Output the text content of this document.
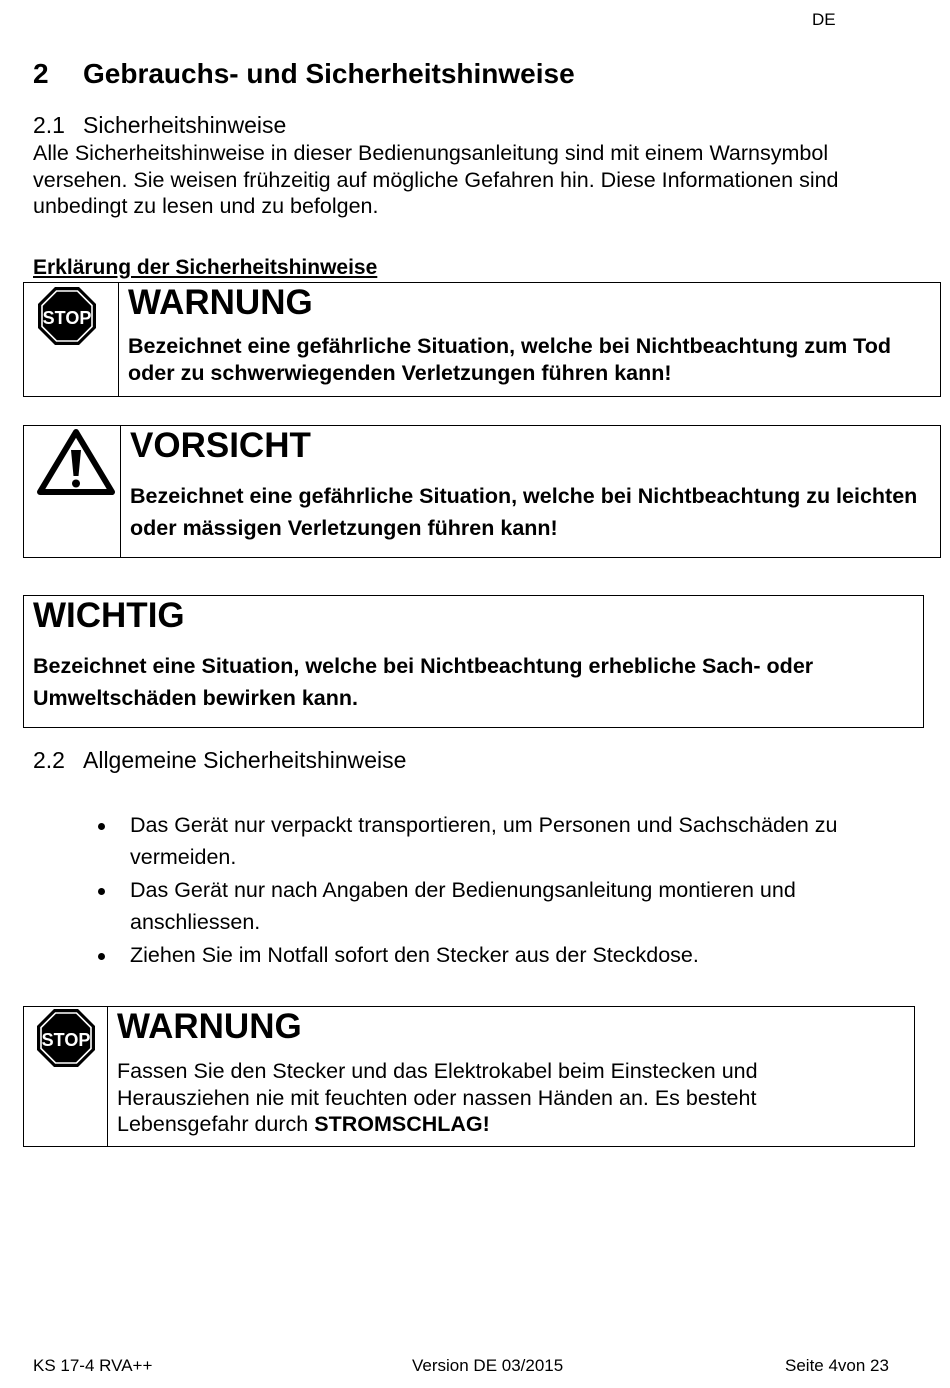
DE
2 Gebrauchs- und Sicherheitshinweise
2.1 Sicherheitshinweise
Alle Sicherheitshinweise in dieser Bedienungsanleitung sind mit einem Warnsymbol versehen. Sie weisen frühzeitig auf mögliche Gefahren hin. Diese Informationen sind unbedingt zu lesen und zu befolgen.
Erklärung der Sicherheitshinweise
STOP WARNUNG
Bezeichnet eine gefährliche Situation, welche bei Nichtbeachtung zum Tod oder zu schwerwiegenden Verletzungen führen kann!
VORSICHT
Bezeichnet eine gefährliche Situation, welche bei Nichtbeachtung zu leichten oder mässigen Verletzungen führen kann!
WICHTIG
Bezeichnet eine Situation, welche bei Nichtbeachtung erhebliche Sach- oder Umweltschäden bewirken kann.
2.2 Allgemeine Sicherheitshinweise
Das Gerät nur verpackt transportieren, um Personen und Sachschäden zu vermeiden.
Das Gerät nur nach Angaben der Bedienungsanleitung montieren und anschliessen.
Ziehen Sie im Notfall sofort den Stecker aus der Steckdose.
STOP WARNUNG
Fassen Sie den Stecker und das Elektrokabel beim Einstecken und Herausziehen nie mit feuchten oder nassen Händen an. Es besteht Lebensgefahr durch STROMSCHLAG!
KS 17-4 RVA++	Version DE 03/2015	Seite 4von 23
